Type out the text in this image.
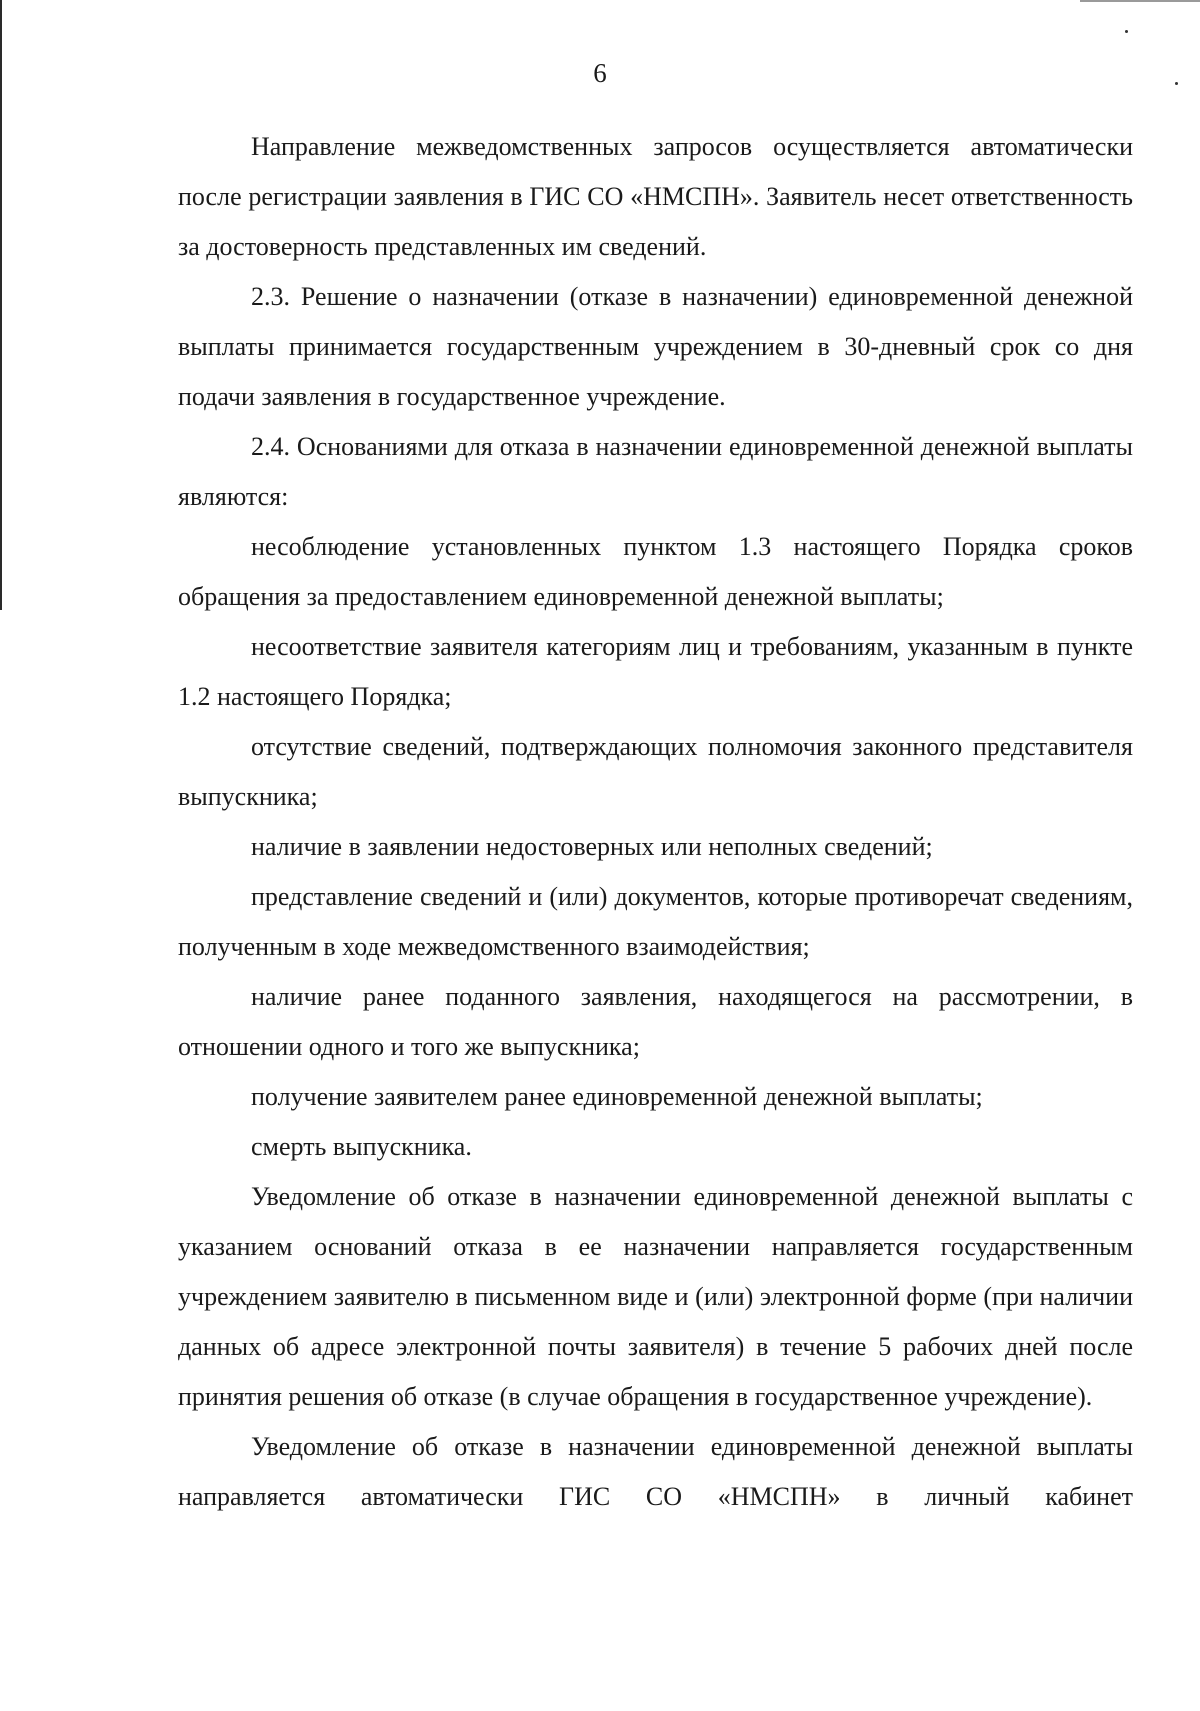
6

Направление межведомственных запросов осуществляется автоматически после регистрации заявления в ГИС СО «НМСПН». Заявитель несет ответственность за достоверность представленных им сведений.

2.3. Решение о назначении (отказе в назначении) единовременной денежной выплаты принимается государственным учреждением в 30-дневный срок со дня подачи заявления в государственное учреждение.

2.4. Основаниями для отказа в назначении единовременной денежной выплаты являются:

несоблюдение установленных пунктом 1.3 настоящего Порядка сроков обращения за предоставлением единовременной денежной выплаты;

несоответствие заявителя категориям лиц и требованиям, указанным в пункте 1.2 настоящего Порядка;

отсутствие сведений, подтверждающих полномочия законного представителя выпускника;

наличие в заявлении недостоверных или неполных сведений;

представление сведений и (или) документов, которые противоречат сведениям, полученным в ходе межведомственного взаимодействия;

наличие ранее поданного заявления, находящегося на рассмотрении, в отношении одного и того же выпускника;

получение заявителем ранее единовременной денежной выплаты;

смерть выпускника.

Уведомление об отказе в назначении единовременной денежной выплаты с указанием оснований отказа в ее назначении направляется государственным учреждением заявителю в письменном виде и (или) электронной форме (при наличии данных об адресе электронной почты заявителя) в течение 5 рабочих дней после принятия решения об отказе (в случае обращения в государственное учреждение).

Уведомление об отказе в назначении единовременной денежной выплаты направляется автоматически ГИС СО «НМСПН» в личный кабинет
